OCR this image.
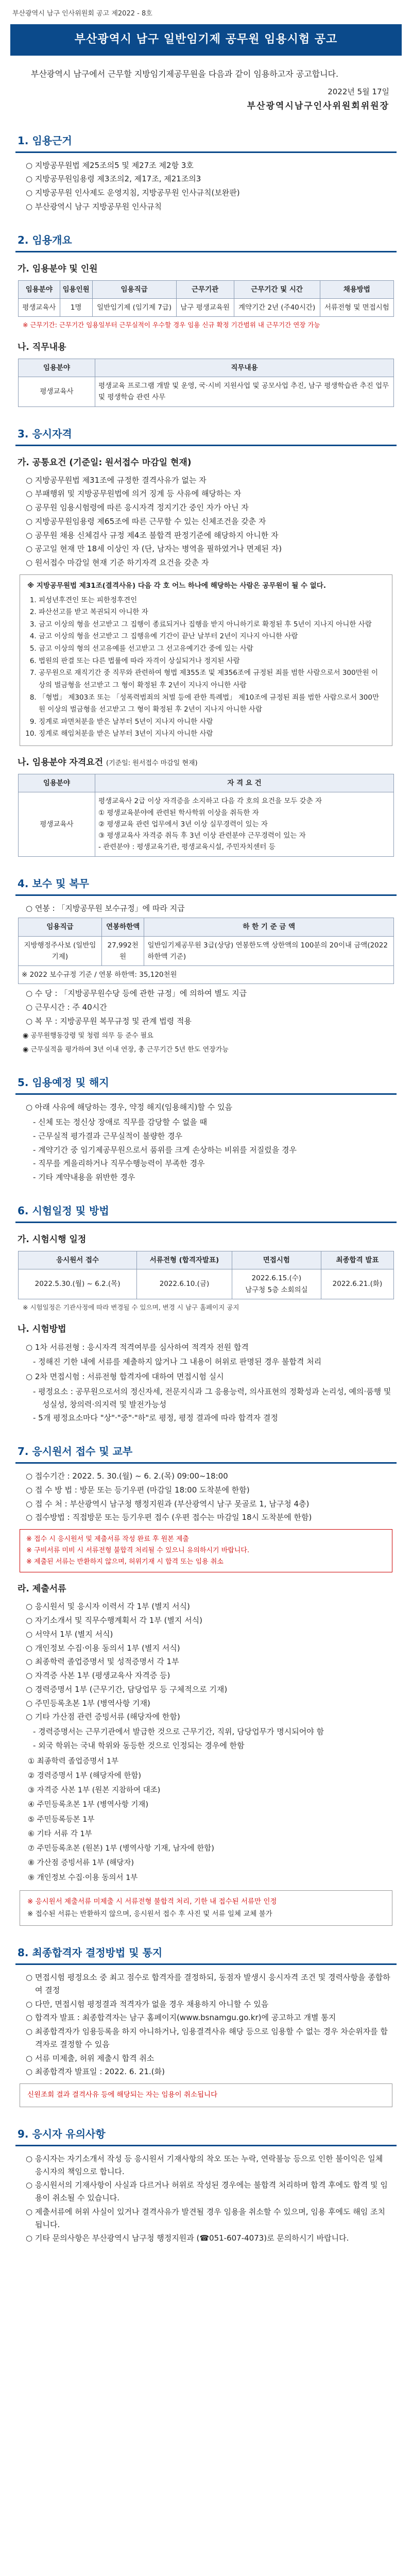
부산광역시 남구 인사위원회 공고 제2022 - 8호
부산광역시 남구 일반임기제 공무원 임용시험 공고
부산광역시 남구에서 근무할 지방임기제공무원을 다음과 같이 임용하고자 공고합니다.
2022년 5월 17일
부산광역시남구인사위원회위원장
1. 임용근거
○ 지방공무원법 제25조의5 및 제27조 제2항 3호
○ 지방공무원임용령 제3조의2, 제17조, 제21조의3
○ 지방공무원 인사제도 운영지침, 지방공무원 인사규칙(보완판)
○ 부산광역시 남구 지방공무원 인사규칙
2. 임용개요
가. 임용분야 및 인원
임용분야	임용인원	임용직급	근무기관	근무기간 및 시간	채용방법
평생교육사	1명	일반임기제 (임기제 7급)	남구 평생교육원	계약기간 2년 (주40시간)	서류전형 및 면접시험
※ 근무기간: 근무기간 임용일부터 근무실적이 우수할 경우 임용 신규 확정 기간범위 내 근무기간 연장 가능
나. 직무내용
임용분야	직무내용
평생교육사	평생교육 프로그램 개발 및 운영, 국·시비 지원사업 및 공모사업 추진, 남구 평생학습관 추진 업무 및 평생학습 관련 사무
3. 응시자격
가. 공통요건 (기준일: 원서접수 마감일 현재)
○ 지방공무원법 제31조에 규정한 결격사유가 없는 자
○ 부패행위 및 지방공무원법에 의거 징계 등 사유에 해당하는 자
○ 공무원 임용시험령에 따른 응시자격 정지기간 중인 자가 아닌 자
○ 지방공무원임용령 제65조에 따른 근무할 수 있는 신체조건을 갖춘 자
○ 공무원 채용 신체검사 규정 제4조 불합격 판정기준에 해당하지 아니한 자
○ 공고일 현재 만 18세 이상인 자 (단, 남자는 병역을 필하였거나 면제된 자)
○ 원서접수 마감일 현재 기준 하기자격 요건을 갖춘 자
※ 지방공무원법 제31조(결격사유) 다음 각 호 어느 하나에 해당하는 사람은 공무원이 될 수 없다.
1. 피성년후견인 또는 피한정후견인
2. 파산선고를 받고 복권되지 아니한 자
3. 금고 이상의 형을 선고받고 그 집행이 종료되거나 집행을 받지 아니하기로 확정된 후 5년이 지나지 아니한 사람
4. 금고 이상의 형을 선고받고 그 집행유예 기간이 끝난 날부터 2년이 지나지 아니한 사람
5. 금고 이상의 형의 선고유예를 선고받고 그 선고유예기간 중에 있는 사람
6. 법원의 판결 또는 다른 법률에 따라 자격이 상실되거나 정지된 사람
7. 공무원으로 재직기간 중 직무와 관련하여 형법 제355조 및 제356조에 규정된 죄를 범한 사람으로서 300만원 이상의 벌금형을 선고받고 그 형이 확정된 후 2년이 지나지 아니한 사람
8. 「형법」 제303조 또는 「성폭력범죄의 처벌 등에 관한 특례법」 제10조에 규정된 죄를 범한 사람으로서 300만원 이상의 벌금형을 선고받고 그 형이 확정된 후 2년이 지나지 아니한 사람
9. 징계로 파면처분을 받은 날부터 5년이 지나지 아니한 사람
10. 징계로 해임처분을 받은 날부터 3년이 지나지 아니한 사람
나. 임용분야 자격요건 (기준일: 원서접수 마감일 현재)
임용분야	자 격 요 건
평생교육사	평생교육사 2급 이상 자격증을 소지하고 다음 각 호의 요건을 모두 갖춘 자
① 평생교육분야에 관련된 학사학위 이상을 취득한 자
② 평생교육 관련 업무에서 3년 이상 실무경력이 있는 자
③ 평생교육사 자격증 취득 후 3년 이상 관련분야 근무경력이 있는 자
- 관련분야 : 평생교육기관, 평생교육시설, 주민자치센터 등
4. 보수 및 복무
○ 연봉 : 「지방공무원 보수규정」에 따라 지급
임용직급	연봉하한액	하 한 기 준 금 액
지방행정주사보 (일반임기제)	27,992천원	일반임기제공무원 3급(상당) 연봉한도액 상한액의 100분의 20이내 금액(2022 하한액 기준)
※ 2022 보수규정 기준 / 연봉 하한액: 35,120천원		
○ 수 당 : 「지방공무원수당 등에 관한 규정」에 의하여 별도 지급
○ 근무시간 : 주 40시간
○ 복 무 : 지방공무원 복무규정 및 관계 법령 적용
◉ 공무원행동강령 및 청렴 의무 등 준수 필요
◉ 근무실적을 평가하여 3년 이내 연장, 총 근무기간 5년 한도 연장가능
5. 임용예정 및 해지
○ 아래 사유에 해당하는 경우, 약정 해지(임용해지)할 수 있음
- 신체 또는 정신상 장애로 직무를 감당할 수 없을 때
- 근무실적 평가결과 근무실적이 불량한 경우
- 계약기간 중 임기제공무원으로서 품위를 크게 손상하는 비위를 저질렀을 경우
- 직무를 게을리하거나 직무수행능력이 부족한 경우
- 기타 계약내용을 위반한 경우
6. 시험일정 및 방법
가. 시험시행 일정
응시원서 접수	서류전형 (합격자발표)	면접시험	최종합격 발표
2022.5.30.(월) ~ 6.2.(목)	2022.6.10.(금)	2022.6.15.(수)
남구청 5층 소회의실	2022.6.21.(화)
※ 시험일정은 기관사정에 따라 변경될 수 있으며, 변경 시 남구 홈페이지 공지
나. 시험방법
○ 1차 서류전형 : 응시자격 적격여부를 심사하여 적격자 전원 합격
- 정해진 기한 내에 서류를 제출하지 않거나 그 내용이 허위로 판명된 경우 불합격 처리
○ 2차 면접시험 : 서류전형 합격자에 대하여 면접시험 실시
- 평정요소 : 공무원으로서의 정신자세, 전문지식과 그 응용능력, 의사표현의 정확성과 논리성, 예의·품행 및 성실성, 창의력·의지력 및 발전가능성
- 5개 평정요소마다 "상"·"중"·"하"로 평정, 평정 결과에 따라 합격자 결정
7. 응시원서 접수 및 교부
○ 접수기간 : 2022. 5. 30.(월) ~ 6. 2.(목) 09:00~18:00
○ 접 수 방 법 : 방문 또는 등기우편 (마감일 18:00 도착분에 한함)
○ 접 수 처 : 부산광역시 남구청 행정지원과 (부산광역시 남구 못골로 1, 남구청 4층)
○ 접수방법 : 직접방문 또는 등기우편 접수 (우편 접수는 마감일 18시 도착분에 한함)
※ 접수 시 응시원서 및 제출서류 작성 완료 후 원본 제출
※ 구비서류 미비 시 서류전형 불합격 처리될 수 있으니 유의하시기 바랍니다.
※ 제출된 서류는 반환하지 않으며, 허위기재 시 합격 또는 임용 취소
라. 제출서류
○ 응시원서 및 응시자 이력서 각 1부 (별지 서식)
○ 자기소개서 및 직무수행계획서 각 1부 (별지 서식)
○ 서약서 1부 (별지 서식)
○ 개인정보 수집·이용 동의서 1부 (별지 서식)
○ 최종학력 졸업증명서 및 성적증명서 각 1부
○ 자격증 사본 1부 (평생교육사 자격증 등)
○ 경력증명서 1부 (근무기간, 담당업무 등 구체적으로 기재)
○ 주민등록초본 1부 (병역사항 기재)
○ 기타 가산점 관련 증빙서류 (해당자에 한함)
- 경력증명서는 근무기관에서 발급한 것으로 근무기간, 직위, 담당업무가 명시되어야 함
- 외국 학위는 국내 학위와 동등한 것으로 인정되는 경우에 한함
① 최종학력 졸업증명서 1부
② 경력증명서 1부 (해당자에 한함)
③ 자격증 사본 1부 (원본 지참하여 대조)
④ 주민등록초본 1부 (병역사항 기재)
⑤ 주민등록등본 1부
⑥ 기타 서류 각 1부
⑦ 주민등록초본 (원본) 1부 (병역사항 기재, 남자에 한함)
⑧ 가산점 증빙서류 1부 (해당자)
⑨ 개인정보 수집·이용 동의서 1부
※ 응시원서 제출서류 미제출 시 서류전형 불합격 처리, 기한 내 접수된 서류만 인정
※ 접수된 서류는 반환하지 않으며, 응시원서 접수 후 사진 및 서류 일체 교체 불가
8. 최종합격자 결정방법 및 통지
○ 면접시험 평정요소 중 최고 점수로 합격자를 결정하되, 동점자 발생시 응시자격 조건 및 경력사항을 종합하여 결정
○ 다만, 면접시험 평정결과 적격자가 없을 경우 채용하지 아니할 수 있음
○ 합격자 발표 : 최종합격자는 남구 홈페이지(www.bsnamgu.go.kr)에 공고하고 개별 통지
○ 최종합격자가 임용등록을 하지 아니하거나, 임용결격사유 해당 등으로 임용할 수 없는 경우 차순위자를 합격자로 결정할 수 있음
○ 서류 미제출, 허위 제출시 합격 취소
○ 최종합격자 발표일 : 2022. 6. 21.(화)
신원조회 결과 결격사유 등에 해당되는 자는 임용이 취소됩니다
9. 응시자 유의사항
○ 응시자는 자기소개서 작성 등 응시원서 기재사항의 착오 또는 누락, 연락불능 등으로 인한 불이익은 일체 응시자의 책임으로 합니다.
○ 응시원서의 기재사항이 사실과 다르거나 허위로 작성된 경우에는 불합격 처리하며 합격 후에도 합격 및 임용이 취소될 수 있습니다.
○ 제출서류에 허위 사실이 있거나 결격사유가 발견될 경우 임용을 취소할 수 있으며, 임용 후에도 해임 조치됩니다.
○ 기타 문의사항은 부산광역시 남구청 행정지원과 (☎051-607-4073)로 문의하시기 바랍니다.
